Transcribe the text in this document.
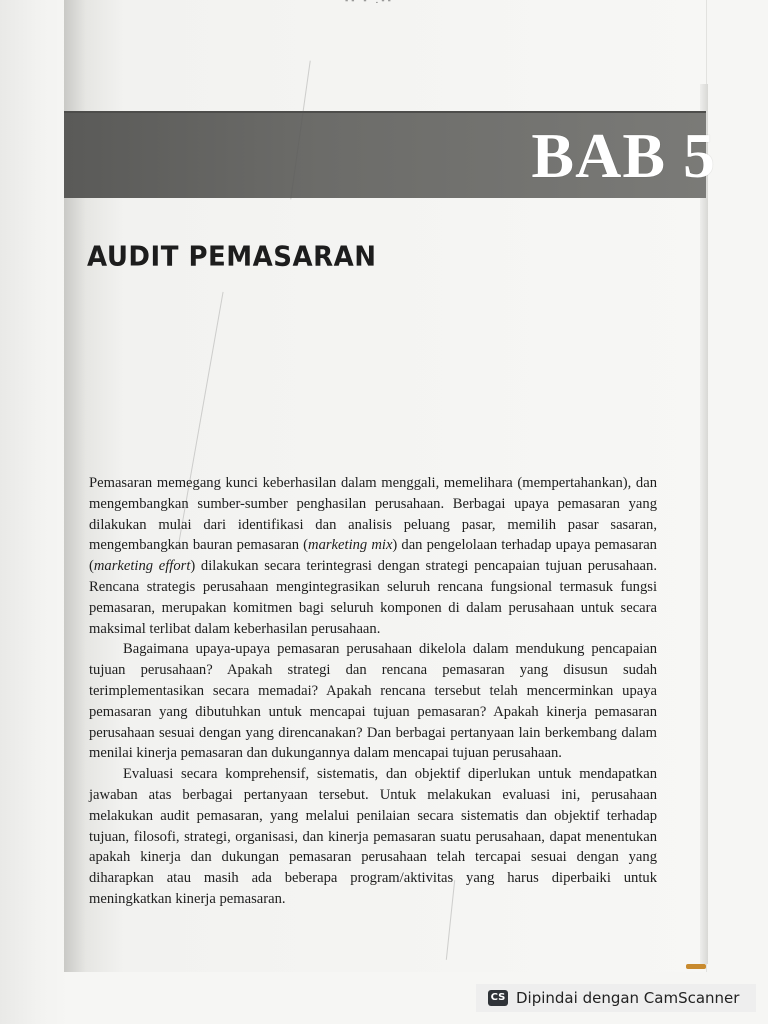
‑‑ ‑ .‑‑
BAB 5
AUDIT PEMASARAN

Pemasaran memegang kunci keberhasilan dalam menggali, memelihara (mempertahankan), dan mengembangkan sumber-sumber penghasilan perusahaan. Berbagai upaya pemasaran yang dilakukan mulai dari identifikasi dan analisis peluang pasar, memilih pasar sasaran, mengembangkan bauran pemasaran (marketing mix) dan pengelolaan terhadap upaya pemasaran (marketing effort) dilakukan secara terintegrasi dengan strategi pencapaian tujuan perusahaan. Rencana strategis perusahaan mengintegrasikan seluruh rencana fungsional termasuk fungsi pemasaran, merupakan komitmen bagi seluruh komponen di dalam perusahaan untuk secara maksimal terlibat dalam keberhasilan perusahaan.

Bagaimana upaya-upaya pemasaran perusahaan dikelola dalam mendukung pencapaian tujuan perusahaan? Apakah strategi dan rencana pemasaran yang disusun sudah terimplementasikan secara memadai? Apakah rencana tersebut telah mencerminkan upaya pemasaran yang dibutuhkan untuk mencapai tujuan pemasaran? Apakah kinerja pemasaran perusahaan sesuai dengan yang direncanakan? Dan berbagai pertanyaan lain berkembang dalam menilai kinerja pemasaran dan dukungannya dalam mencapai tujuan perusahaan.

Evaluasi secara komprehensif, sistematis, dan objektif diperlukan untuk mendapatkan jawaban atas berbagai pertanyaan tersebut. Untuk melakukan evaluasi ini, perusahaan melakukan audit pemasaran, yang melalui penilaian secara sistematis dan objektif terhadap tujuan, filosofi, strategi, organisasi, dan kinerja pemasaran suatu perusahaan, dapat menentukan apakah kinerja dan dukungan pemasaran perusahaan telah tercapai sesuai dengan yang diharapkan atau masih ada beberapa program/aktivitas yang harus diperbaiki untuk meningkatkan kinerja pemasaran.

CS Dipindai dengan CamScanner
